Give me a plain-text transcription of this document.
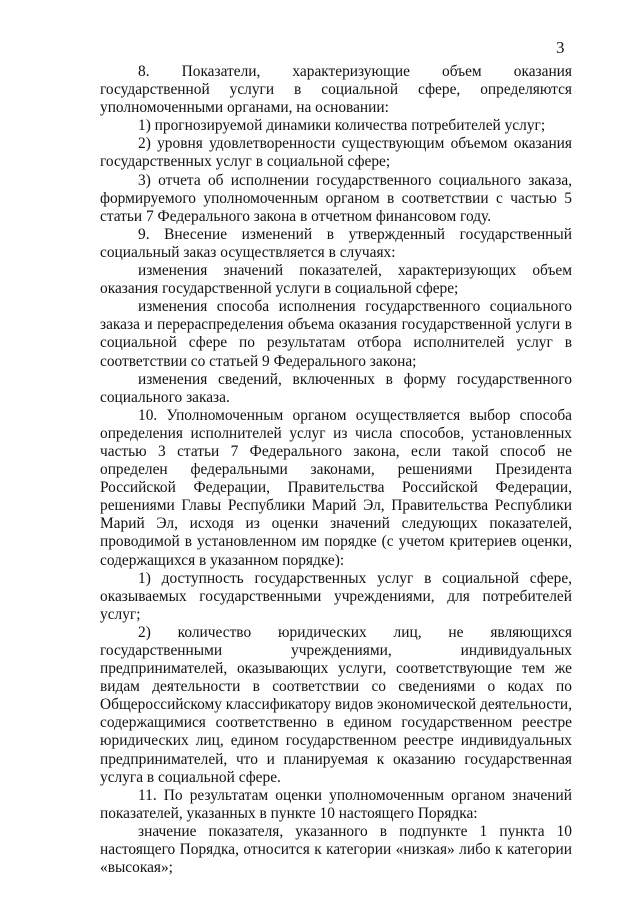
3

8. Показатели, характеризующие объем оказания государственной услуги в социальной сфере, определяются уполномоченными органами, на основании:

1) прогнозируемой динамики количества потребителей услуг;

2) уровня удовлетворенности существующим объемом оказания государственных услуг в социальной сфере;

3) отчета об исполнении государственного социального заказа, формируемого уполномоченным органом в соответствии с частью 5 статьи 7 Федерального закона в отчетном финансовом году.

9. Внесение изменений в утвержденный государственный социальный заказ осуществляется в случаях:

изменения значений показателей, характеризующих объем оказания государственной услуги в социальной сфере;

изменения способа исполнения государственного социального заказа и перераспределения объема оказания государственной услуги в социальной сфере по результатам отбора исполнителей услуг в соответствии со статьей 9 Федерального закона;

изменения сведений, включенных в форму государственного социального заказа.

10. Уполномоченным органом осуществляется выбор способа определения исполнителей услуг из числа способов, установленных частью 3 статьи 7 Федерального закона, если такой способ не определен федеральными законами, решениями Президента Российской Федерации, Правительства Российской Федерации, решениями Главы Республики Марий Эл, Правительства Республики Марий Эл, исходя из оценки значений следующих показателей, проводимой в установленном им порядке (с учетом критериев оценки, содержащихся в указанном порядке):

1) доступность государственных услуг в социальной сфере, оказываемых государственными учреждениями, для потребителей услуг;

2) количество юридических лиц, не являющихся государственными учреждениями, индивидуальных предпринимателей, оказывающих услуги, соответствующие тем же видам деятельности в соответствии со сведениями о кодах по Общероссийскому классификатору видов экономической деятельности, содержащимися соответственно в едином государственном реестре юридических лиц, едином государственном реестре индивидуальных предпринимателей, что и планируемая к оказанию государственная услуга в социальной сфере.

11. По результатам оценки уполномоченным органом значений показателей, указанных в пункте 10 настоящего Порядка:

значение показателя, указанного в подпункте 1 пункта 10 настоящего Порядка, относится к категории «низкая» либо к категории «высокая»;
